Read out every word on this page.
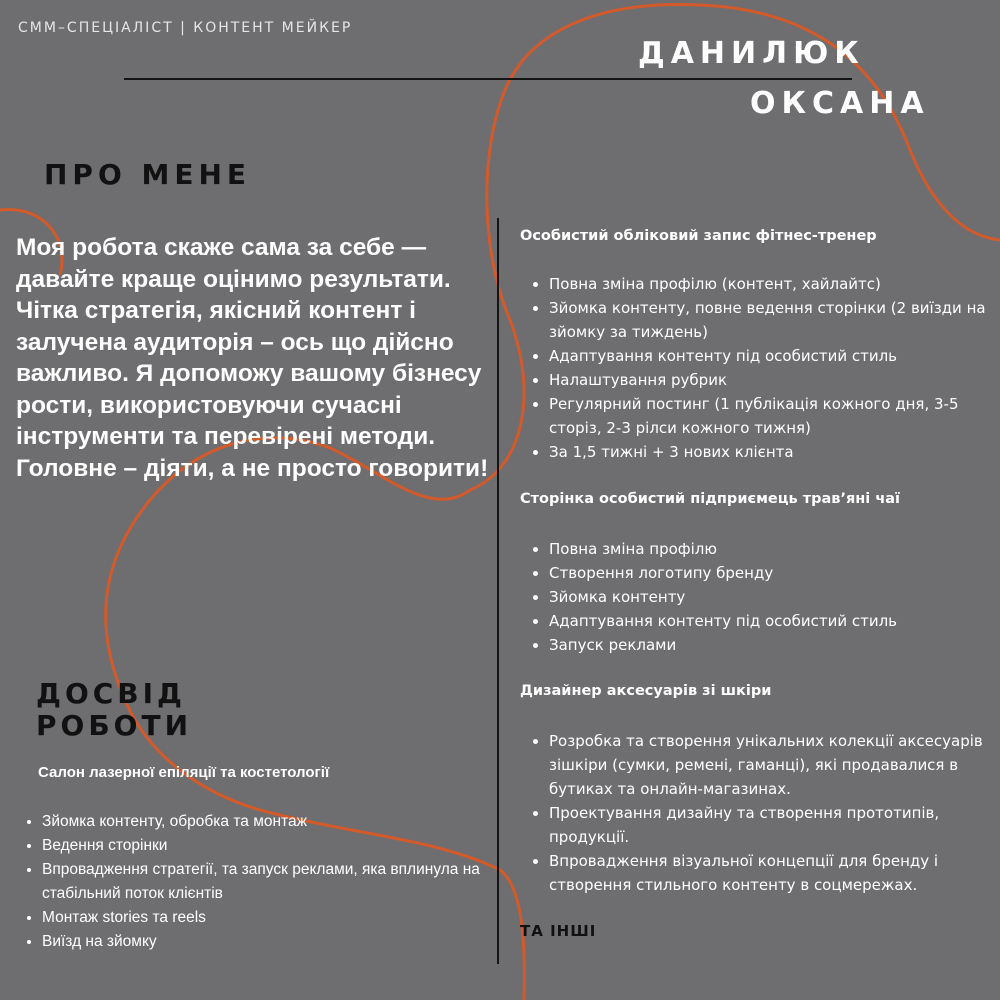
СММ–СПЕЦІАЛІСТ | КОНТЕНТ МЕЙКЕР
ДАНИЛЮК
ОКСАНА
ПРО МЕНЕ
Моя робота скаже сама за себе — давайте краще оцінимо результати. Чітка стратегія, якісний контент і залучена аудиторія – ось що дійсно важливо. Я допоможу вашому бізнесу рости, використовуючи сучасні інструменти та перевірені методи. Головне – діяти, а не просто говорити!
ДОСВІД
РОБОТИ
Салон лазерної епіляції та костетології
• Зйомка контенту, обробка та монтаж
• Ведення сторінки
• Впровадження стратегії, та запуск реклами, яка вплинула на стабільний поток клієнтів
• Монтаж stories та reels
• Виїзд на зйомку
Особистий обліковий запис фітнес-тренер
• Повна зміна профілю (контент, хайлайтс)
• Зйомка контенту, повне ведення сторінки (2 виїзди на зйомку за тиждень)
• Адаптування контенту під особистий стиль
• Налаштування рубрик
• Регулярний постинг (1 публікація кожного дня, 3-5 сторіз, 2-3 рілси кожного тижня)
• За 1,5 тижні + 3 нових клієнта
Сторінка особистий підприємець трав’яні чаї
• Повна зміна профілю
• Створення логотипу бренду
• Зйомка контенту
• Адаптування контенту під особистий стиль
• Запуск реклами
Дизайнер аксесуарів зі шкіри
• Розробка та створення унікальних колекції аксесуарів зішкіри (сумки, ремені, гаманці), які продавалися в бутиках та онлайн-магазинах.
• Проектування дизайну та створення прототипів, продукції.
• Впровадження візуальної концепції для бренду і створення стильного контенту в соцмережах.
ТА ІНШІ
